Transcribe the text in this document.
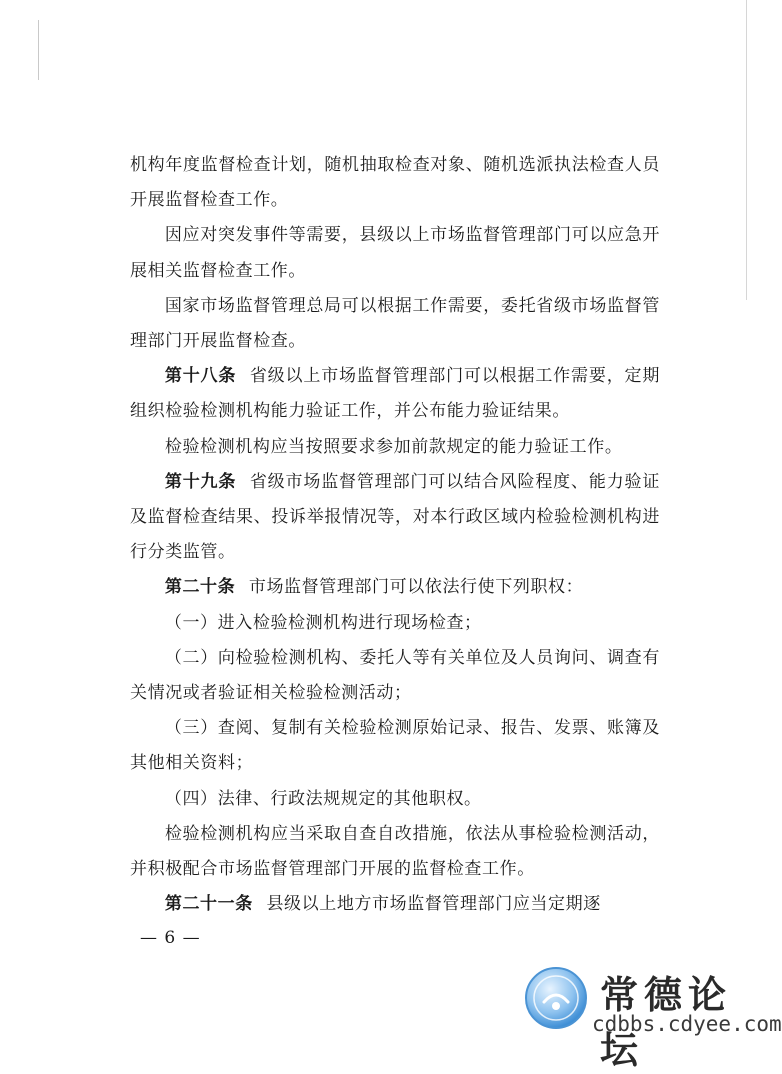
机构年度监督检查计划，随机抽取检查对象、随机选派执法检查人员开展监督检查工作。

因应对突发事件等需要，县级以上市场监督管理部门可以应急开展相关监督检查工作。

国家市场监督管理总局可以根据工作需要，委托省级市场监督管理部门开展监督检查。

第十八条 省级以上市场监督管理部门可以根据工作需要，定期组织检验检测机构能力验证工作，并公布能力验证结果。

检验检测机构应当按照要求参加前款规定的能力验证工作。

第十九条 省级市场监督管理部门可以结合风险程度、能力验证及监督检查结果、投诉举报情况等，对本行政区域内检验检测机构进行分类监管。

第二十条 市场监督管理部门可以依法行使下列职权：

（一）进入检验检测机构进行现场检查；

（二）向检验检测机构、委托人等有关单位及人员询问、调查有关情况或者验证相关检验检测活动；

（三）查阅、复制有关检验检测原始记录、报告、发票、账簿及其他相关资料；

（四）法律、行政法规规定的其他职权。

检验检测机构应当采取自查自改措施，依法从事检验检测活动，并积极配合市场监督管理部门开展的监督检查工作。

第二十一条 县级以上地方市场监督管理部门应当定期逐

— 6 —
常德论坛
cdbbs.cdyee.com
